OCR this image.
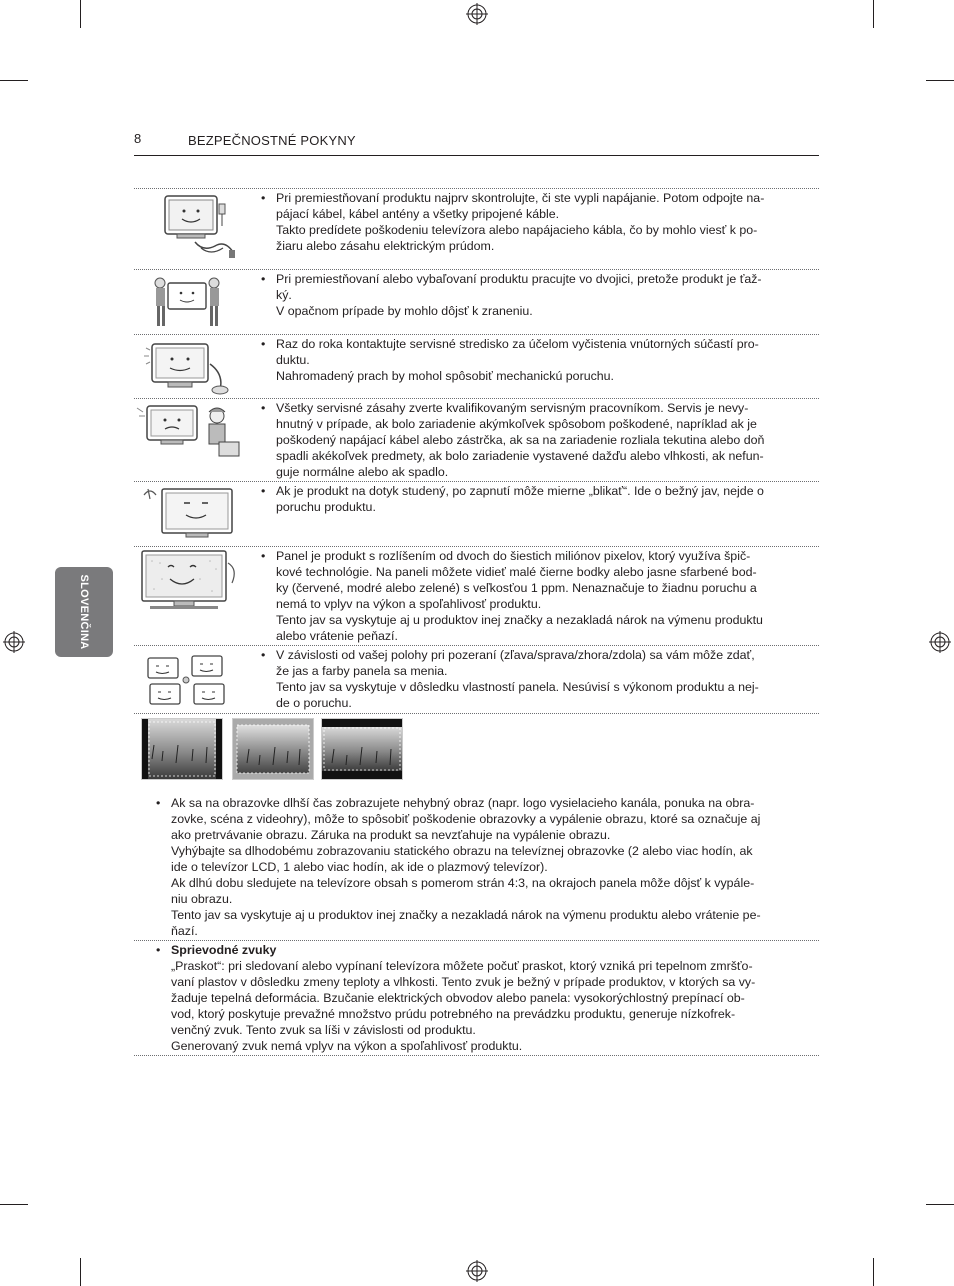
8	BEZPEČNOSTNÉ POKYNY
SLOVENČINA
• Pri premiestňovaní produktu najprv skontrolujte, či ste vypli napájanie. Potom odpojte na-
pájací kábel, kábel antény a všetky pripojené káble.
Takto predídete poškodeniu televízora alebo napájacieho kábla, čo by mohlo viesť k po-
žiaru alebo zásahu elektrickým prúdom.
• Pri premiestňovaní alebo vybaľovaní produktu pracujte vo dvojici, pretože produkt je ťaž-
ký.
V opačnom prípade by mohlo dôjsť k zraneniu.
• Raz do roka kontaktujte servisné stredisko za účelom vyčistenia vnútorných súčastí pro-
duktu.
Nahromadený prach by mohol spôsobiť mechanickú poruchu.
• Všetky servisné zásahy zverte kvalifikovaným servisným pracovníkom. Servis je nevy-
hnutný v prípade, ak bolo zariadenie akýmkoľvek spôsobom poškodené, napríklad ak je
poškodený napájací kábel alebo zástrčka, ak sa na zariadenie rozliala tekutina alebo doň
spadli akékoľvek predmety, ak bolo zariadenie vystavené dažďu alebo vlhkosti, ak nefun-
guje normálne alebo ak spadlo.
• Ak je produkt na dotyk studený, po zapnutí môže mierne „blikať“. Ide o bežný jav, nejde o
poruchu produktu.
• Panel je produkt s rozlíšením od dvoch do šiestich miliónov pixelov, ktorý využíva špič-
kové technológie. Na paneli môžete vidieť malé čierne bodky alebo jasne sfarbené bod-
ky (červené, modré alebo zelené) s veľkosťou 1 ppm. Nenaznačuje to žiadnu poruchu a
nemá to vplyv na výkon a spoľahlivosť produktu.
Tento jav sa vyskytuje aj u produktov inej značky a nezakladá nárok na výmenu produktu
alebo vrátenie peňazí.
• V závislosti od vašej polohy pri pozeraní (zľava/sprava/zhora/zdola) sa vám môže zdať,
že jas a farby panela sa menia.
Tento jav sa vyskytuje v dôsledku vlastností panela. Nesúvisí s výkonom produktu a nej-
de o poruchu.
• Ak sa na obrazovke dlhší čas zobrazujete nehybný obraz (napr. logo vysielacieho kanála, ponuka na obra-
zovke, scéna z videohry), môže to spôsobiť poškodenie obrazovky a vypálenie obrazu, ktoré sa označuje aj
ako pretrvávanie obrazu. Záruka na produkt sa nevzťahuje na vypálenie obrazu.
Vyhýbajte sa dlhodobému zobrazovaniu statického obrazu na televíznej obrazovke (2 alebo viac hodín, ak
ide o televízor LCD, 1 alebo viac hodín, ak ide o plazmový televízor).
Ak dlhú dobu sledujete na televízore obsah s pomerom strán 4:3, na okrajoch panela môže dôjsť k vypále-
niu obrazu.
Tento jav sa vyskytuje aj u produktov inej značky a nezakladá nárok na výmenu produktu alebo vrátenie pe-
ňazí.
• Sprievodné zvuky
„Praskot“: pri sledovaní alebo vypínaní televízora môžete počuť praskot, ktorý vzniká pri tepelnom zmršťo-
vaní plastov v dôsledku zmeny teploty a vlhkosti. Tento zvuk je bežný v prípade produktov, v ktorých sa vy-
žaduje tepelná deformácia. Bzučanie elektrických obvodov alebo panela: vysokorýchlostný prepínací ob-
vod, ktorý poskytuje prevažné množstvo prúdu potrebného na prevádzku produktu, generuje nízkofrek-
venčný zvuk. Tento zvuk sa líši v závislosti od produktu.
Generovaný zvuk nemá vplyv na výkon a spoľahlivosť produktu.
